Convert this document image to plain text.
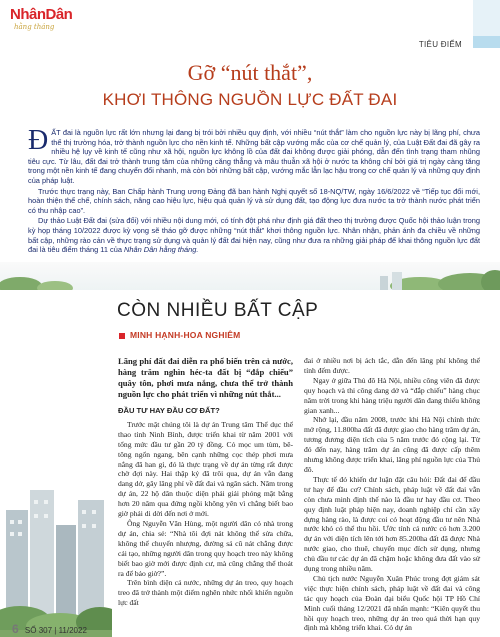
NhânDân
hằng tháng
TIÊU ĐIỂM
Gỡ “nút thắt”,
KHƠI THÔNG NGUỒN LỰC ĐẤT ĐAI

ĐẤT đai là nguồn lực rất lớn nhưng lại đang bị trói bởi nhiều quy định, với nhiều “nút thắt” làm cho nguồn lực này bị lãng phí, chưa thể thị trường hóa, trở thành nguồn lực cho nền kinh tế. Những bất cập vướng mắc của cơ chế quản lý, của Luật Đất đai đã gây ra nhiều hệ lụy về kinh tế cũng như xã hội, nguồn lực không lồ của đất đai không được giải phóng, dẫn đến tình trạng tham nhũng tiêu cực. Từ lâu, đất đai trở thành trung tâm của những căng thẳng và mâu thuẫn xã hội ở nước ta không chỉ bởi giá trị ngày càng tăng trong một nền kinh tế đang chuyển đổi nhanh, mà còn bởi những bất cập, vướng mắc lẫn lạc hậu trong cơ chế quản lý và những quy định của pháp luật.

Trước thực trạng này, Ban Chấp hành Trung ương Đảng đã ban hành Nghị quyết số 18-NQ/TW, ngày 16/6/2022 về “Tiếp tục đổi mới, hoàn thiện thể chế, chính sách, nâng cao hiệu lực, hiệu quả quản lý và sử dụng đất, tạo động lực đưa nước ta trở thành nước phát triển có thu nhập cao”.

Dự thảo Luật Đất đai (sửa đổi) với nhiều nội dung mới, có tính đột phá như định giá đất theo thị trường được Quốc hội thảo luận trong kỳ họp tháng 10/2022 được kỳ vọng sẽ tháo gỡ được những “nút thắt” khơi thông nguồn lực. Nhân nhận, phản ánh đa chiều về những bất cập, những rào cản về thực trạng sử dụng và quản lý đất đai hiện nay, cũng như đưa ra những giải pháp để khai thông nguồn lực đất đai là tiêu điểm tháng 11 của Nhân Dân hằng tháng.

CÒN NHIỀU BẤT CẬP
MINH HẠNH-HOA NGHIÊM

Lãng phí đất đai diễn ra phổ biến trên cả nước, hàng trăm nghìn héc-ta đất bị “đắp chiếu” quây tôn, phơi mưa nắng, chưa thể trở thành nguồn lực cho phát triển vì những nút thắt...

ĐẦU TƯ HAY ĐẦU CƠ ĐẤT?

Trước mặt chúng tôi là dự án Trung tâm Thể dục thể thao tỉnh Ninh Bình, được triển khai từ năm 2001 với tổng mức đầu tư gần 20 tỷ đồng. Cỏ mọc um tùm, bê-tông ngổn ngang, bên cạnh những cọc thép phơi mưa nắng đã han gỉ, đó là thực trạng về dự án từng rất được chờ đợi này. Hai thập kỷ đã trôi qua, dự án vẫn đang dang dở, gây lãng phí về đất đai và ngân sách. Năm trong dự án, 22 hộ dân thuộc diện phải giải phóng mặt bằng hơn 20 năm qua đứng ngồi không yên vì chẳng biết bao giờ phải di dời đến nơi ở mới.

Ông Nguyễn Văn Hùng, một người dân có nhà trong dự án, chia sẻ: “Nhà tôi đợi nát không thể sửa chữa, không thể chuyển nhượng, đường sá cũ nát chẳng được cải tạo, những người dân trong quy hoạch treo này không biết bao giờ mới được định cư, mà cũng chẳng thể thoát ra để bảo giờ?”.

Trên bình diện cả nước, những dự án treo, quy hoạch treo đã trở thành một điểm nghẽn nhức nhối khiến nguồn lực đất

đai ở nhiều nơi bị ách tắc, dẫn đến lãng phí không thể tính đếm được.

Ngay ở giữa Thủ đô Hà Nội, nhiều công viên đã được quy hoạch và thi công dang dở và “đắp chiếu” hàng chục năm trời trong khi hàng triệu người dân đang thiếu không gian xanh...

Nhớ lại, đầu năm 2008, trước khi Hà Nội chính thức mở rộng, 11.800ha đất đã được giao cho hàng trăm dự án, tương đương diện tích của 5 năm trước đó cộng lại. Từ đó đến nay, hàng trăm dự án cũng đã được cấp thêm nhưng không được triển khai, lãng phí nguồn lực của Thủ đô.

Thực tế đó khiến dư luận đặt câu hỏi: Đất đai để đầu tư hay để đầu cơ? Chính sách, pháp luật về đất đai vẫn còn chưa minh định thế nào là đầu tư hay đầu cơ. Theo quy định luật pháp hiện nay, doanh nghiệp chỉ cần xây dựng hàng rào, là được coi có hoạt động đầu tư nên Nhà nước khó có thể thu hồi. Ước tính cả nước có hơn 3.200 dự án với diện tích lên tới hơn 85.200ha đất đã được Nhà nước giao, cho thuê, chuyển mục đích sử dụng, nhưng chủ đầu tư các dự án đã chậm hoặc không đưa đất vào sử dụng trong nhiều năm.

Chủ tịch nước Nguyễn Xuân Phúc trong đợt giám sát việc thực hiện chính sách, pháp luật về đất đai và công tác quy hoạch của Đoàn đại biểu Quốc hội TP Hồ Chí Minh cuối tháng 12/2021 đã nhấn mạnh: “Kiên quyết thu hồi quy hoạch treo, những dự án treo quá thời hạn quy định mà không triển khai. Có dự án

6 SỐ 307 | 11/2022
